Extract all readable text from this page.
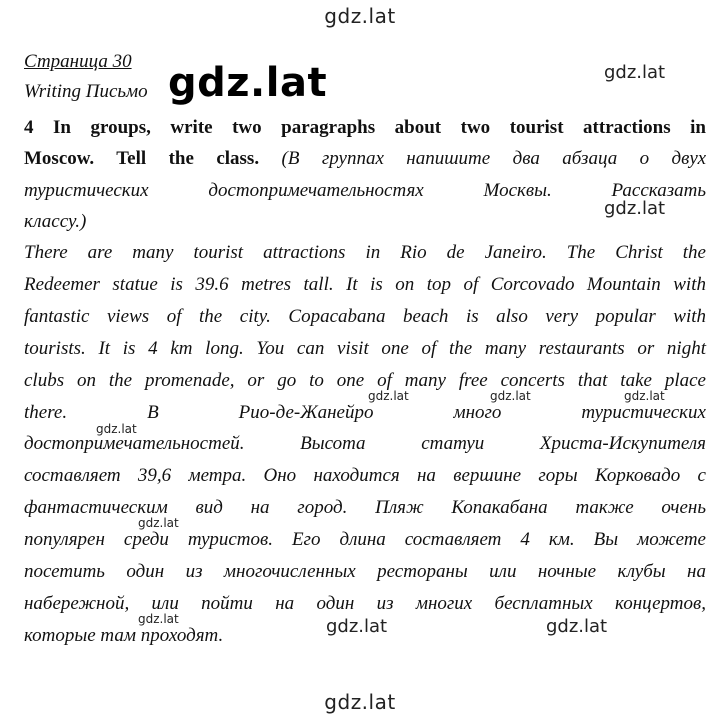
gdz.lat
Страница 30
Writing Письмо gdz.lat	gdz.lat
4 In groups, write two paragraphs about two tourist attractions in
Moscow. Tell the class. (В группах напишите два абзаца о двух
туристических достопримечательностях Москвы. Рассказать
gdz.lat
классу.)
There are many tourist attractions in Rio de Janeiro. The Christ the
Redeemer statue is 39.6 metres tall. It is on top of Corcovado Mountain with
fantastic views of the city. Copacabana beach is also very popular with
tourists. It is 4 km long. You can visit one of the many restaurants or night
clubs on the promenade, or go to one of many free concerts that take place
gdz.lat	gdz.lat	gdz.lat
there. В Рио-де-Жанейро много туристических
gdz.lat
достопримечательностей. Высота статуи Христа-Искупителя
составляет 39,6 метра. Оно находится на вершине горы Корковадо с
фантастическим вид на город. Пляж Копакабана также очень
gdz.lat
популярен среди туристов. Его длина составляет 4 км. Вы можете
посетить один из многочисленных рестораны или ночные клубы на
набережной, или пойти на один из многих бесплатных концертов,
gdz.lat	gdz.lat	gdz.lat
которые там проходят.
gdz.lat
